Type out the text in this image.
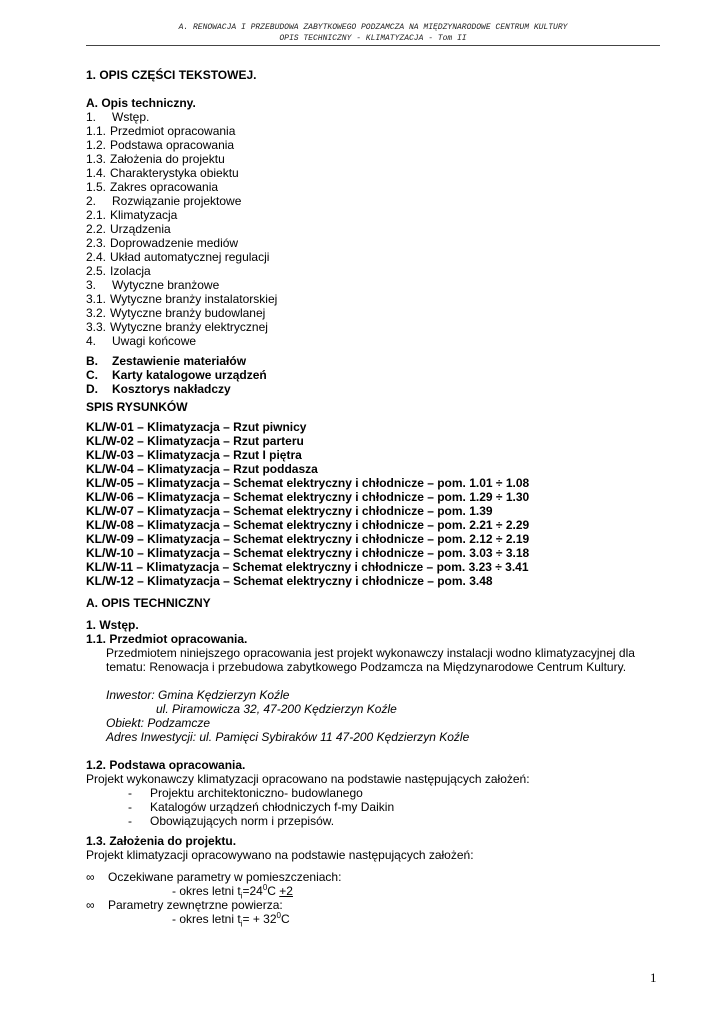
A. RENOWACJA I PRZEBUDOWA ZABYTKOWEGO PODZAMCZA NA MIĘDZYNARODOWE CENTRUM KULTURY
OPIS TECHNICZNY - KLIMATYZACJA - Tom II
1. OPIS CZĘŚCI TEKSTOWEJ.
A. Opis techniczny.
1. Wstęp.
1.1. Przedmiot opracowania
1.2. Podstawa opracowania
1.3. Założenia do projektu
1.4. Charakterystyka obiektu
1.5. Zakres opracowania
2. Rozwiązanie projektowe
2.1. Klimatyzacja
2.2. Urządzenia
2.3. Doprowadzenie mediów
2.4. Układ automatycznej regulacji
2.5. Izolacja
3. Wytyczne branżowe
3.1. Wytyczne branży instalatorskiej
3.2. Wytyczne branży budowlanej
3.3. Wytyczne branży elektrycznej
4. Uwagi końcowe
B. Zestawienie materiałów
C. Karty katalogowe urządzeń
D. Kosztorys nakładczy
SPIS RYSUNKÓW
KL/W-01 – Klimatyzacja – Rzut piwnicy
KL/W-02 – Klimatyzacja – Rzut parteru
KL/W-03 – Klimatyzacja – Rzut I piętra
KL/W-04 – Klimatyzacja – Rzut poddasza
KL/W-05 – Klimatyzacja – Schemat elektryczny i chłodnicze – pom. 1.01 ÷ 1.08
KL/W-06 – Klimatyzacja – Schemat elektryczny i chłodnicze – pom. 1.29 ÷ 1.30
KL/W-07 – Klimatyzacja – Schemat elektryczny i chłodnicze – pom. 1.39
KL/W-08 – Klimatyzacja – Schemat elektryczny i chłodnicze – pom. 2.21 ÷ 2.29
KL/W-09 – Klimatyzacja – Schemat elektryczny i chłodnicze – pom. 2.12 ÷ 2.19
KL/W-10 – Klimatyzacja – Schemat elektryczny i chłodnicze – pom. 3.03 ÷ 3.18
KL/W-11 – Klimatyzacja – Schemat elektryczny i chłodnicze – pom. 3.23 ÷ 3.41
KL/W-12 – Klimatyzacja – Schemat elektryczny i chłodnicze – pom. 3.48
A. OPIS TECHNICZNY
1. Wstęp.
1.1. Przedmiot opracowania.
Przedmiotem niniejszego opracowania jest projekt wykonawczy instalacji wodno klimatyzacyjnej dla
tematu: Renowacja i przebudowa zabytkowego Podzamcza na Międzynarodowe Centrum Kultury.
Inwestor: Gmina Kędzierzyn Koźle
ul. Piramowicza 32, 47-200 Kędzierzyn Koźle
Obiekt: Podzamcze
Adres Inwestycji: ul. Pamięci Sybiraków 11 47-200 Kędzierzyn Koźle
1.2. Podstawa opracowania.
Projekt wykonawczy klimatyzacji opracowano na podstawie następujących założeń:
- Projektu architektoniczno- budowlanego
- Katalogów urządzeń chłodniczych f-my Daikin
- Obowiązujących norm i przepisów.
1.3. Założenia do projektu.
Projekt klimatyzacji opracowywano na podstawie następujących założeń:
∞ Oczekiwane parametry w pomieszczeniach:
- okres letni $t_i=24^0C +2$
∞ Parametry zewnętrzne powierza:
- okres letni $t_i= + 32^0C$
1
